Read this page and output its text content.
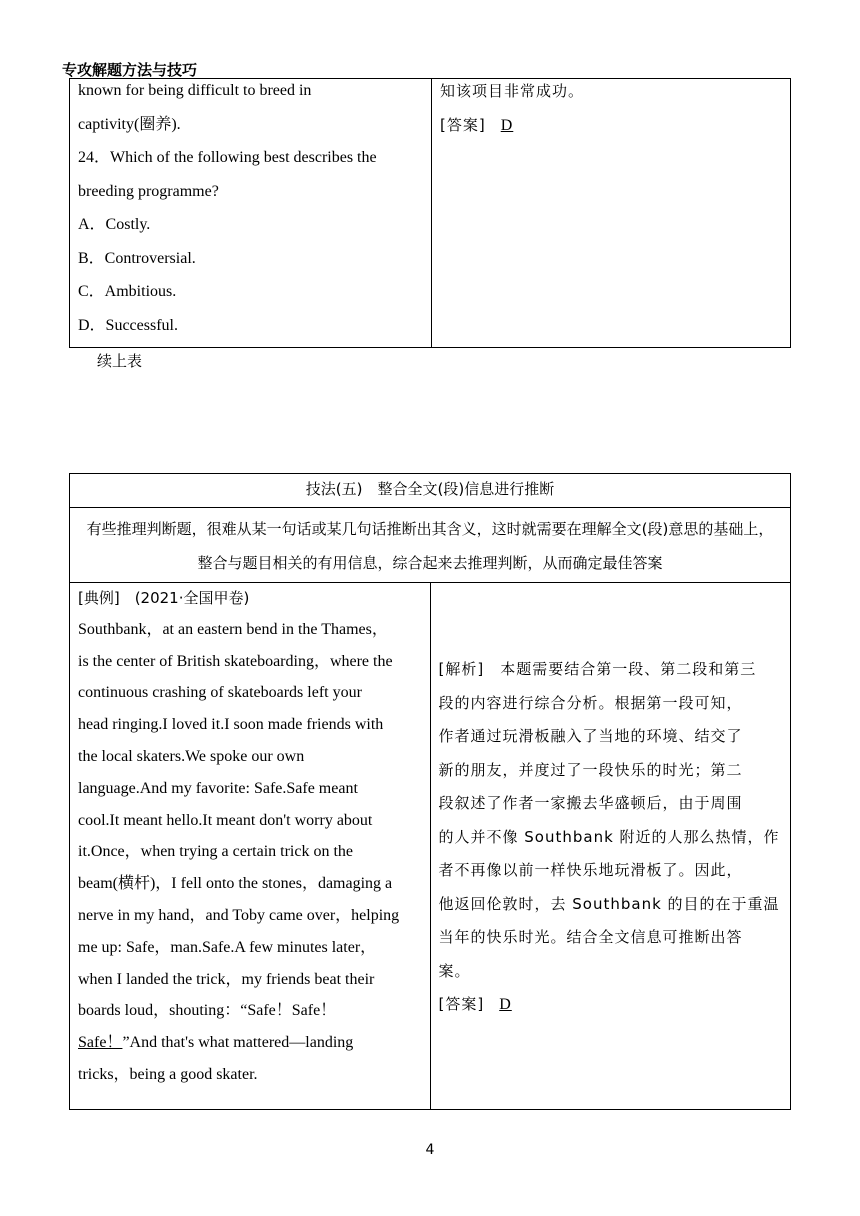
专攻解题方法与技巧
known for being difficult to breed in
captivity(圈养).
24．Which of the following best describes the
breeding programme?
A．Costly.
B．Controversial.
C．Ambitious.
D．Successful.

知该项目非常成功。
[答案] D
续上表
技法(五)　整合全文(段)信息进行推断
有些推理判断题，很难从某一句话或某几句话推断出其含义，这时就需要在理解全文(段)意思的基础上，整合与题目相关的有用信息，综合起来去推理判断，从而确定最佳答案

[典例]　(2021·全国甲卷)
Southbank，at an eastern bend in the Thames，
is the center of British skateboarding，where the
continuous crashing of skateboards left your
head ringing.I loved it.I soon made friends with
the local skaters.We spoke our own
language.And my favorite: Safe.Safe meant
cool.It meant hello.It meant don't worry about
it.Once，when trying a certain trick on the
beam(横杆)，I fell onto the stones，damaging a
nerve in my hand，and Toby came over，helping
me up: Safe，man.Safe.A few minutes later，
when I landed the trick，my friends beat their
boards loud，shouting：“Safe！Safe！
Safe！”And that's what mattered—landing
tricks，being a good skater.

[解析]　本题需要结合第一段、第二段和第三
段的内容进行综合分析。根据第一段可知，
作者通过玩滑板融入了当地的环境、结交了
新的朋友，并度过了一段快乐的时光；第二
段叙述了作者一家搬去华盛顿后，由于周围
的人并不像 Southbank 附近的人那么热情，作
者不再像以前一样快乐地玩滑板了。因此，
他返回伦敦时，去 Southbank 的目的在于重温
当年的快乐时光。结合全文信息可推断出答
案。
[答案] D
4
